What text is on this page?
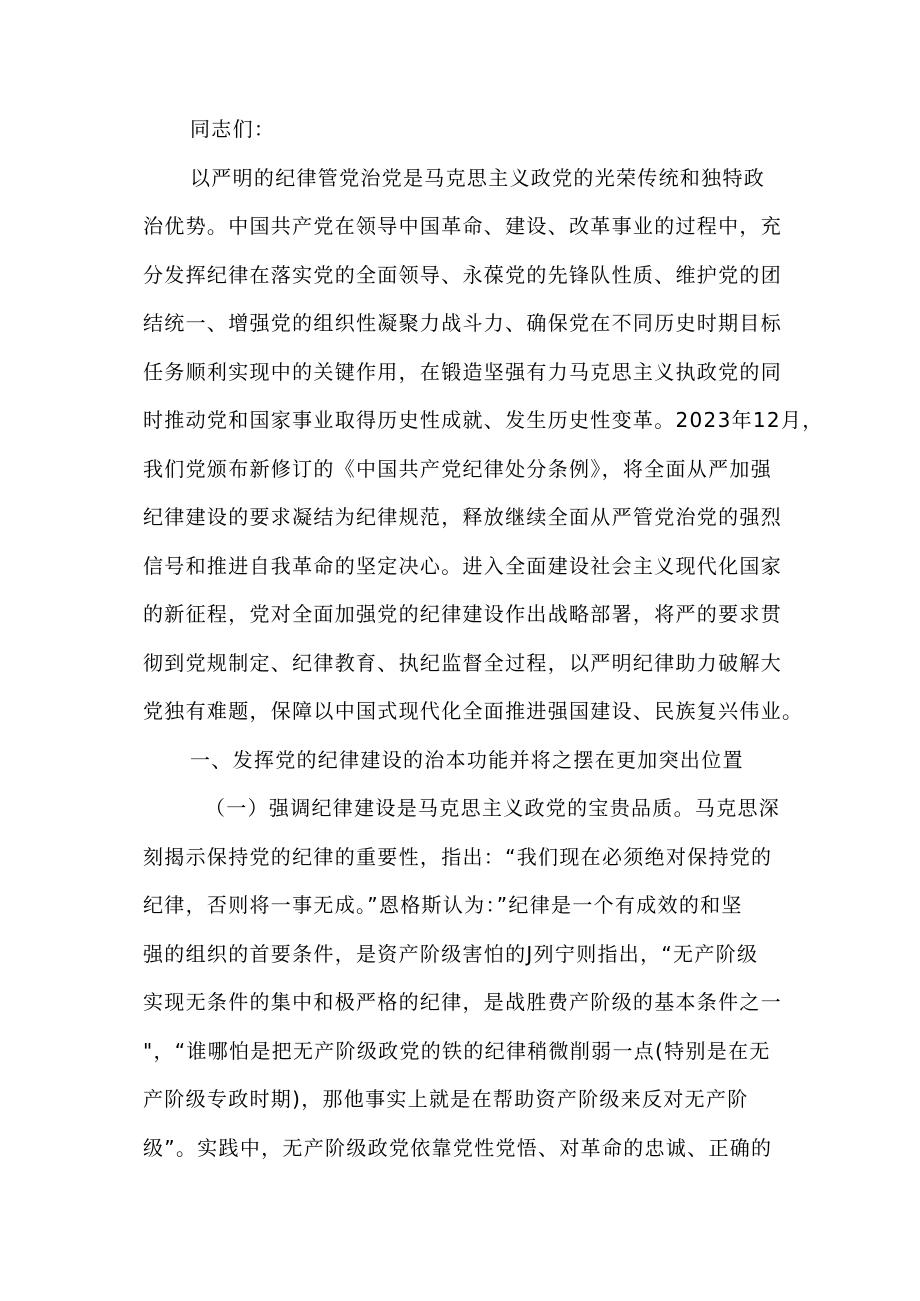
同志们：
以严明的纪律管党治党是马克思主义政党的光荣传统和独特政
治优势。中国共产党在领导中国革命、建设、改革事业的过程中，充
分发挥纪律在落实党的全面领导、永葆党的先锋队性质、维护党的团
结统一、增强党的组织性凝聚力战斗力、确保党在不同历史时期目标
任务顺利实现中的关键作用，在锻造坚强有力马克思主义执政党的同
时推动党和国家事业取得历史性成就、发生历史性变革。2023年12月，
我们党颁布新修订的《中国共产党纪律处分条例》，将全面从严加强
纪律建设的要求凝结为纪律规范，释放继续全面从严管党治党的强烈
信号和推进自我革命的坚定决心。进入全面建设社会主义现代化国家
的新征程，党对全面加强党的纪律建设作出战略部署，将严的要求贯
彻到党规制定、纪律教育、执纪监督全过程，以严明纪律助力破解大
党独有难题，保障以中国式现代化全面推进强国建设、民族复兴伟业。
一、发挥党的纪律建设的治本功能并将之摆在更加突出位置
（一）强调纪律建设是马克思主义政党的宝贵品质。马克思深
刻揭示保持党的纪律的重要性，指出：“我们现在必须绝对保持党的
纪律，否则将一事无成。”恩格斯认为：”纪律是一个有成效的和坚
强的组织的首要条件，是资产阶级害怕的J列宁则指出，“无产阶级
实现无条件的集中和极严格的纪律，是战胜费产阶级的基本条件之一
"，“谁哪怕是把无产阶级政党的铁的纪律稍微削弱一点(特别是在无
产阶级专政时期)，那他事实上就是在帮助资产阶级来反对无产阶
级”。实践中，无产阶级政党依靠党性党悟、对革命的忠诚、正确的
